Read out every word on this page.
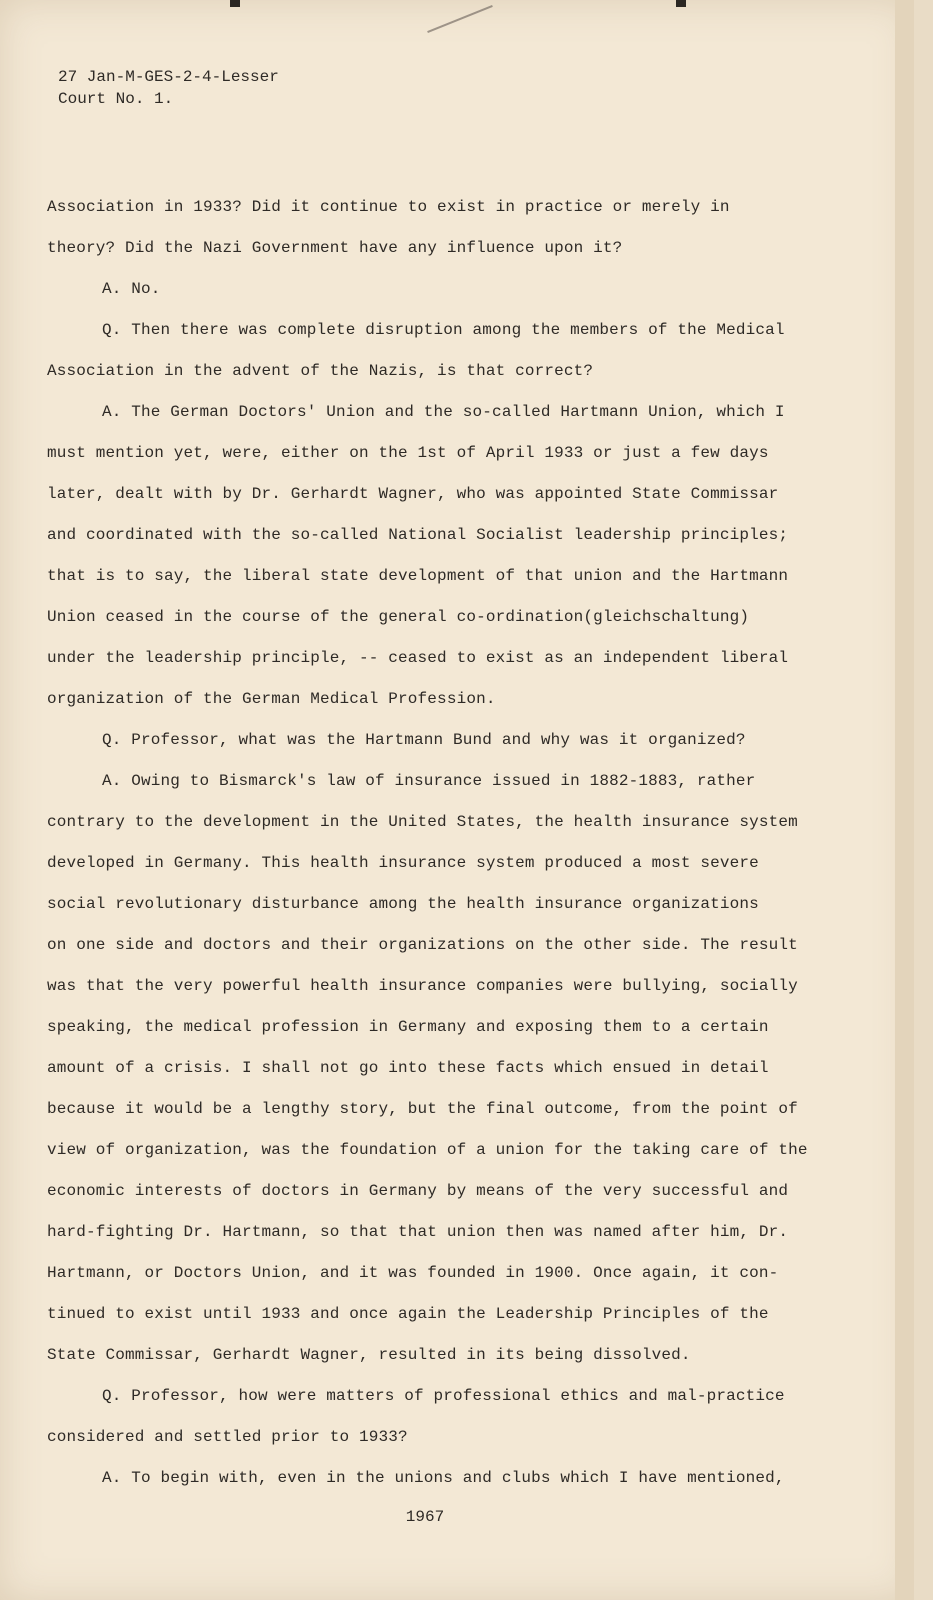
27 Jan-M-GES-2-4-Lesser
Court No. 1.
Association in 1933? Did it continue to exist in practice or merely in
theory? Did the Nazi Government have any influence upon it?
A. No.
Q. Then there was complete disruption among the members of the Medical
Association in the advent of the Nazis, is that correct?
A. The German Doctors' Union and the so-called Hartmann Union, which I
must mention yet, were, either on the 1st of April 1933 or just a few days
later, dealt with by Dr. Gerhardt Wagner, who was appointed State Commissar
and coordinated with the so-called National Socialist leadership principles;
that is to say, the liberal state development of that union and the Hartmann
Union ceased in the course of the general co-ordination(gleichschaltung)
under the leadership principle, -- ceased to exist as an independent liberal
organization of the German Medical Profession.
Q. Professor, what was the Hartmann Bund and why was it organized?
A. Owing to Bismarck's law of insurance issued in 1882-1883, rather
contrary to the development in the United States, the health insurance system
developed in Germany. This health insurance system produced a most severe
social revolutionary disturbance among the health insurance organizations
on one side and doctors and their organizations on the other side. The result
was that the very powerful health insurance companies were bullying, socially
speaking, the medical profession in Germany and exposing them to a certain
amount of a crisis. I shall not go into these facts which ensued in detail
because it would be a lengthy story, but the final outcome, from the point of
view of organization, was the foundation of a union for the taking care of the
economic interests of doctors in Germany by means of the very successful and
hard-fighting Dr. Hartmann, so that that union then was named after him, Dr.
Hartmann, or Doctors Union, and it was founded in 1900. Once again, it con-
tinued to exist until 1933 and once again the Leadership Principles of the
State Commissar, Gerhardt Wagner, resulted in its being dissolved.
Q. Professor, how were matters of professional ethics and mal-practice
considered and settled prior to 1933?
A. To begin with, even in the unions and clubs which I have mentioned,
1967
